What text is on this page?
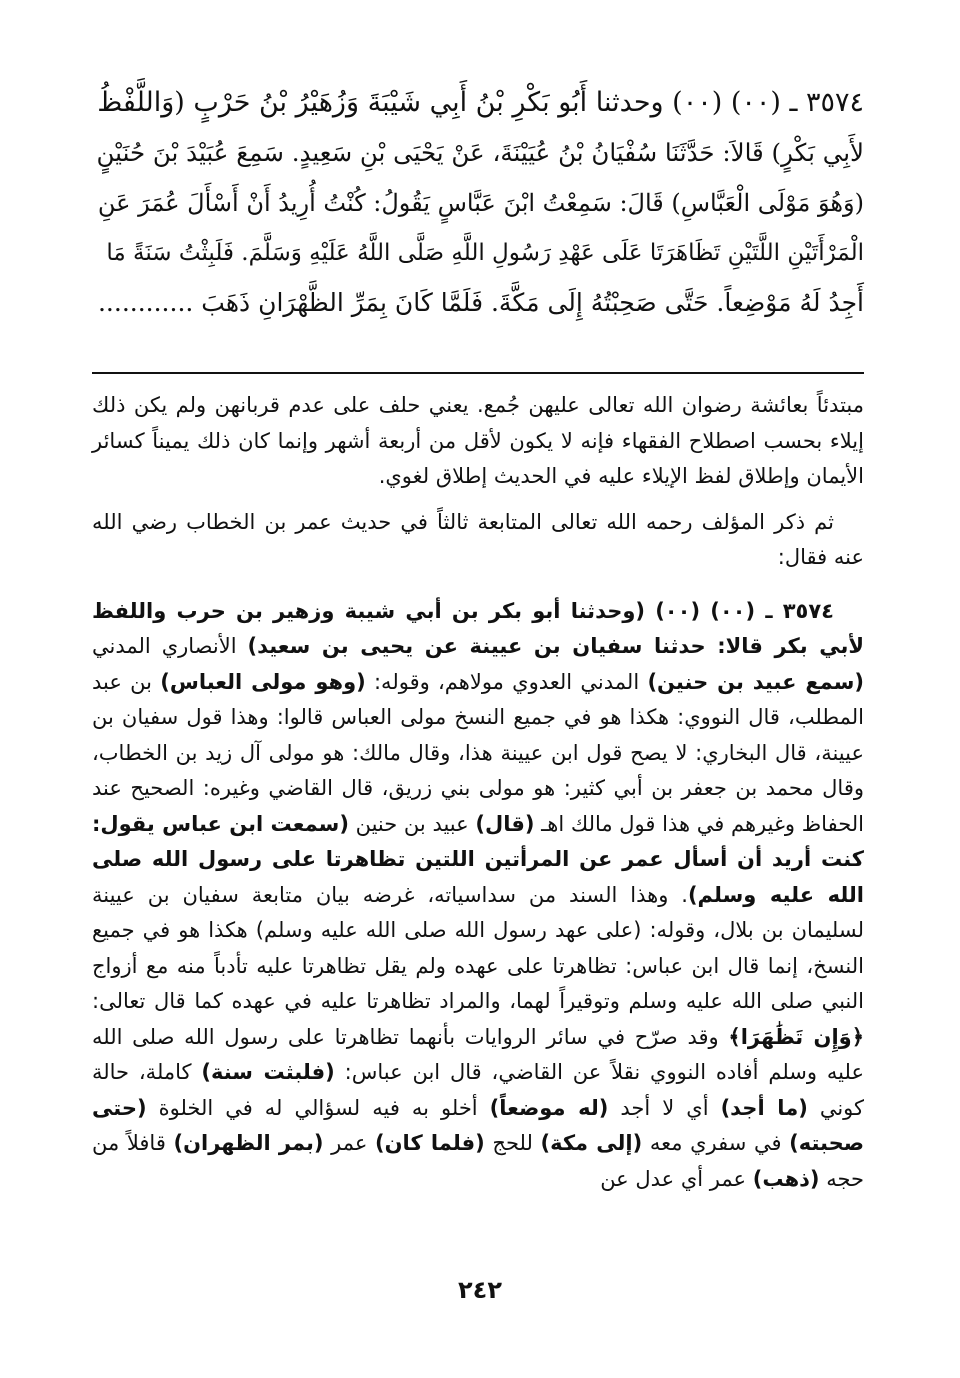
٣٥٧٤ ـ (٠٠) (٠٠) وحدثنا أَبُو بَكْرِ بْنُ أَبِي شَيْبَةَ وَزُهَيْرُ بْنُ حَرْبٍ (وَاللَّفْظُ

لأَبِي بَكْرٍ) قَالاَ: حَدَّثَنَا سُفْيَانُ بْنُ عُيَيْنَةَ، عَنْ يَحْيَى بْنِ سَعِيدٍ. سَمِعَ عُبَيْدَ بْنَ حُنَيْنٍ

(وَهُوَ مَوْلَى الْعَبَّاسِ) قَالَ: سَمِعْتُ ابْنَ عَبَّاسٍ يَقُولُ: كُنْتُ أُرِيدُ أَنْ أَسْأَلَ عُمَرَ عَنِ

الْمَرْأَتَيْنِ اللَّتَيْنِ تَظَاهَرَتَا عَلَى عَهْدِ رَسُولِ اللَّهِ صَلَّى اللَّهُ عَلَيْهِ وَسَلَّمَ. فَلَبِثْتُ سَنَةً مَا

أَجِدُ لَهُ مَوْضِعاً. حَتَّى صَحِبْتُهُ إِلَى مَكَّةَ. فَلَمَّا كَانَ بِمَرِّ الظَّهْرَانِ ذَهَبَ ............

مبتدئاً بعائشة رضوان الله تعالى عليهن جُمع. يعني حلف على عدم قربانهن ولم يكن ذلك إيلاء بحسب اصطلاح الفقهاء فإنه لا يكون لأقل من أربعة أشهر وإنما كان ذلك يميناً كسائر الأيمان وإطلاق لفظ الإيلاء عليه في الحديث إطلاق لغوي.

ثم ذكر المؤلف رحمه الله تعالى المتابعة ثالثاً في حديث عمر بن الخطاب رضي الله عنه فقال:

٣٥٧٤ ـ (٠٠) (٠٠) (وحدثنا أبو بكر بن أبي شيبة وزهير بن حرب واللفظ لأبي بكر قالا: حدثنا سفيان بن عيينة عن يحيى بن سعيد) الأنصاري المدني (سمع عبيد بن حنين) المدني العدوي مولاهم، وقوله: (وهو مولى العباس) بن عبد المطلب، قال النووي: هكذا هو في جميع النسخ مولى العباس قالوا: وهذا قول سفيان بن عيينة، قال البخاري: لا يصح قول ابن عيينة هذا، وقال مالك: هو مولى آل زيد بن الخطاب، وقال محمد بن جعفر بن أبي كثير: هو مولى بني زريق، قال القاضي وغيره: الصحيح عند الحفاظ وغيرهم في هذا قول مالك اهـ (قال) عبيد بن حنين (سمعت ابن عباس يقول: كنت أريد أن أسأل عمر عن المرأتين اللتين تظاهرتا على رسول الله صلى الله عليه وسلم). وهذا السند من سداسياته، غرضه بيان متابعة سفيان بن عيينة لسليمان بن بلال، وقوله: (على عهد رسول الله صلى الله عليه وسلم) هكذا هو في جميع النسخ، إنما قال ابن عباس: تظاهرتا على عهده ولم يقل تظاهرتا عليه تأدباً منه مع أزواج النبي صلى الله عليه وسلم وتوقيراً لهما، والمراد تظاهرتا عليه في عهده كما قال تعالى: ﴿وَإِن تَظَٰهَرَا﴾ وقد صرّح في سائر الروايات بأنهما تظاهرتا على رسول الله صلى الله عليه وسلم أفاده النووي نقلاً عن القاضي، قال ابن عباس: (فلبثت سنة) كاملة، حالة كوني (ما أجد) أي لا أجد (له موضعاً) أخلو به فيه لسؤالي له في الخلوة (حتى صحبته) في سفري معه (إلى مكة) للحج (فلما كان) عمر (بمر الظهران) قافلاً من حجه (ذهب) عمر أي عدل عن

٢٤٢
